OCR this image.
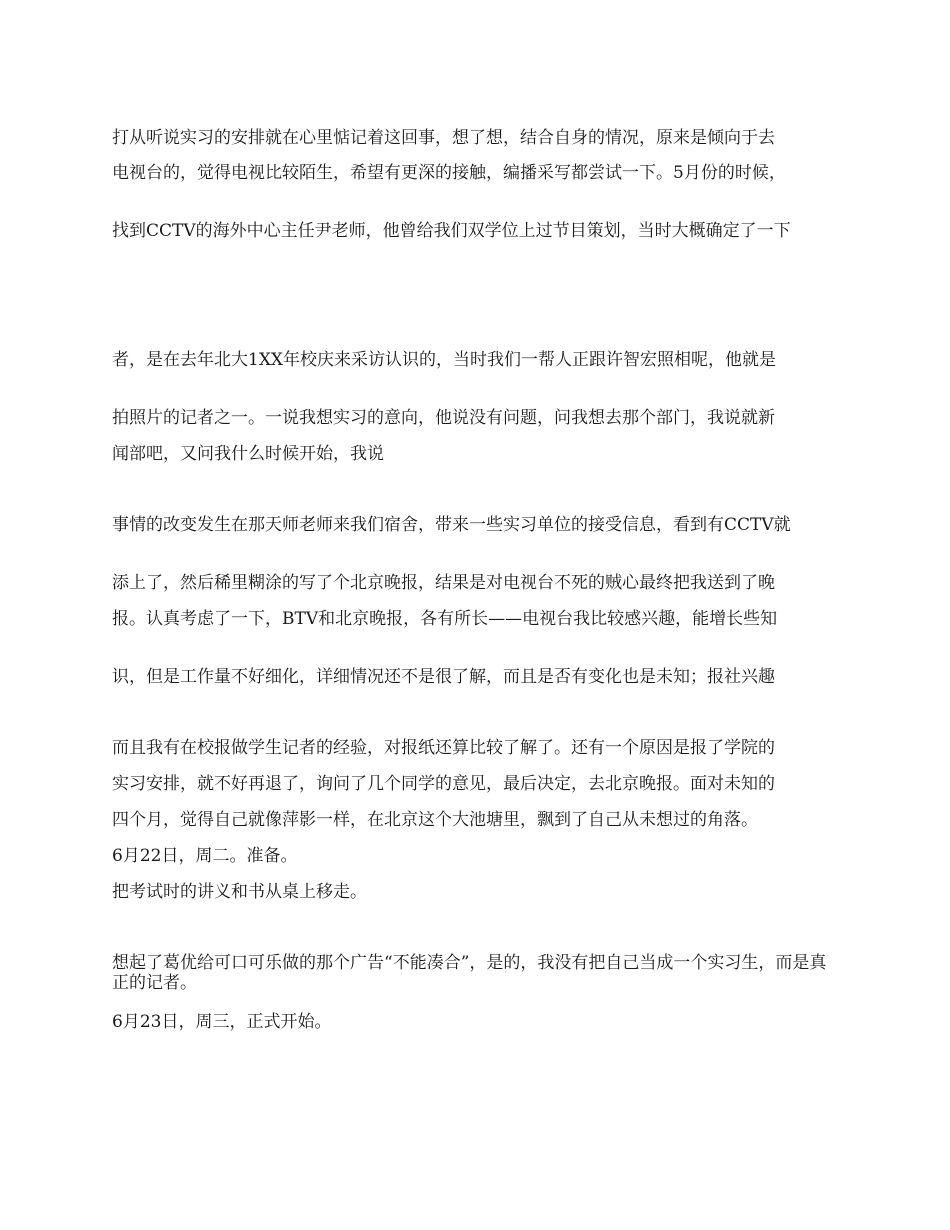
打从听说实习的安排就在心里惦记着这回事，想了想，结合自身的情况，原来是倾向于去

电视台的，觉得电视比较陌生，希望有更深的接触，编播采写都尝试一下。5月份的时候，

找到CCTV的海外中心主任尹老师，他曾给我们双学位上过节目策划，当时大概确定了一下

者，是在去年北大1XX年校庆来采访认识的，当时我们一帮人正跟许智宏照相呢，他就是

拍照片的记者之一。一说我想实习的意向，他说没有问题，问我想去那个部门，我说就新

闻部吧，又问我什么时候开始，我说

事情的改变发生在那天师老师来我们宿舍，带来一些实习单位的接受信息，看到有CCTV就

添上了，然后稀里糊涂的写了个北京晚报，结果是对电视台不死的贼心最终把我送到了晚

报。认真考虑了一下，BTV和北京晚报，各有所长——电视台我比较感兴趣，能增长些知

识，但是工作量不好细化，详细情况还不是很了解，而且是否有变化也是未知；报社兴趣

而且我有在校报做学生记者的经验，对报纸还算比较了解了。还有一个原因是报了学院的

实习安排，就不好再退了，询问了几个同学的意见，最后决定，去北京晚报。面对未知的

四个月，觉得自己就像萍影一样，在北京这个大池塘里，飘到了自己从未想过的角落。

6月22日，周二。准备。

把考试时的讲义和书从桌上移走。

想起了葛优给可口可乐做的那个广告“不能凑合”，是的，我没有把自己当成一个实习生，而是真正的记者。

6月23日，周三，正式开始。
